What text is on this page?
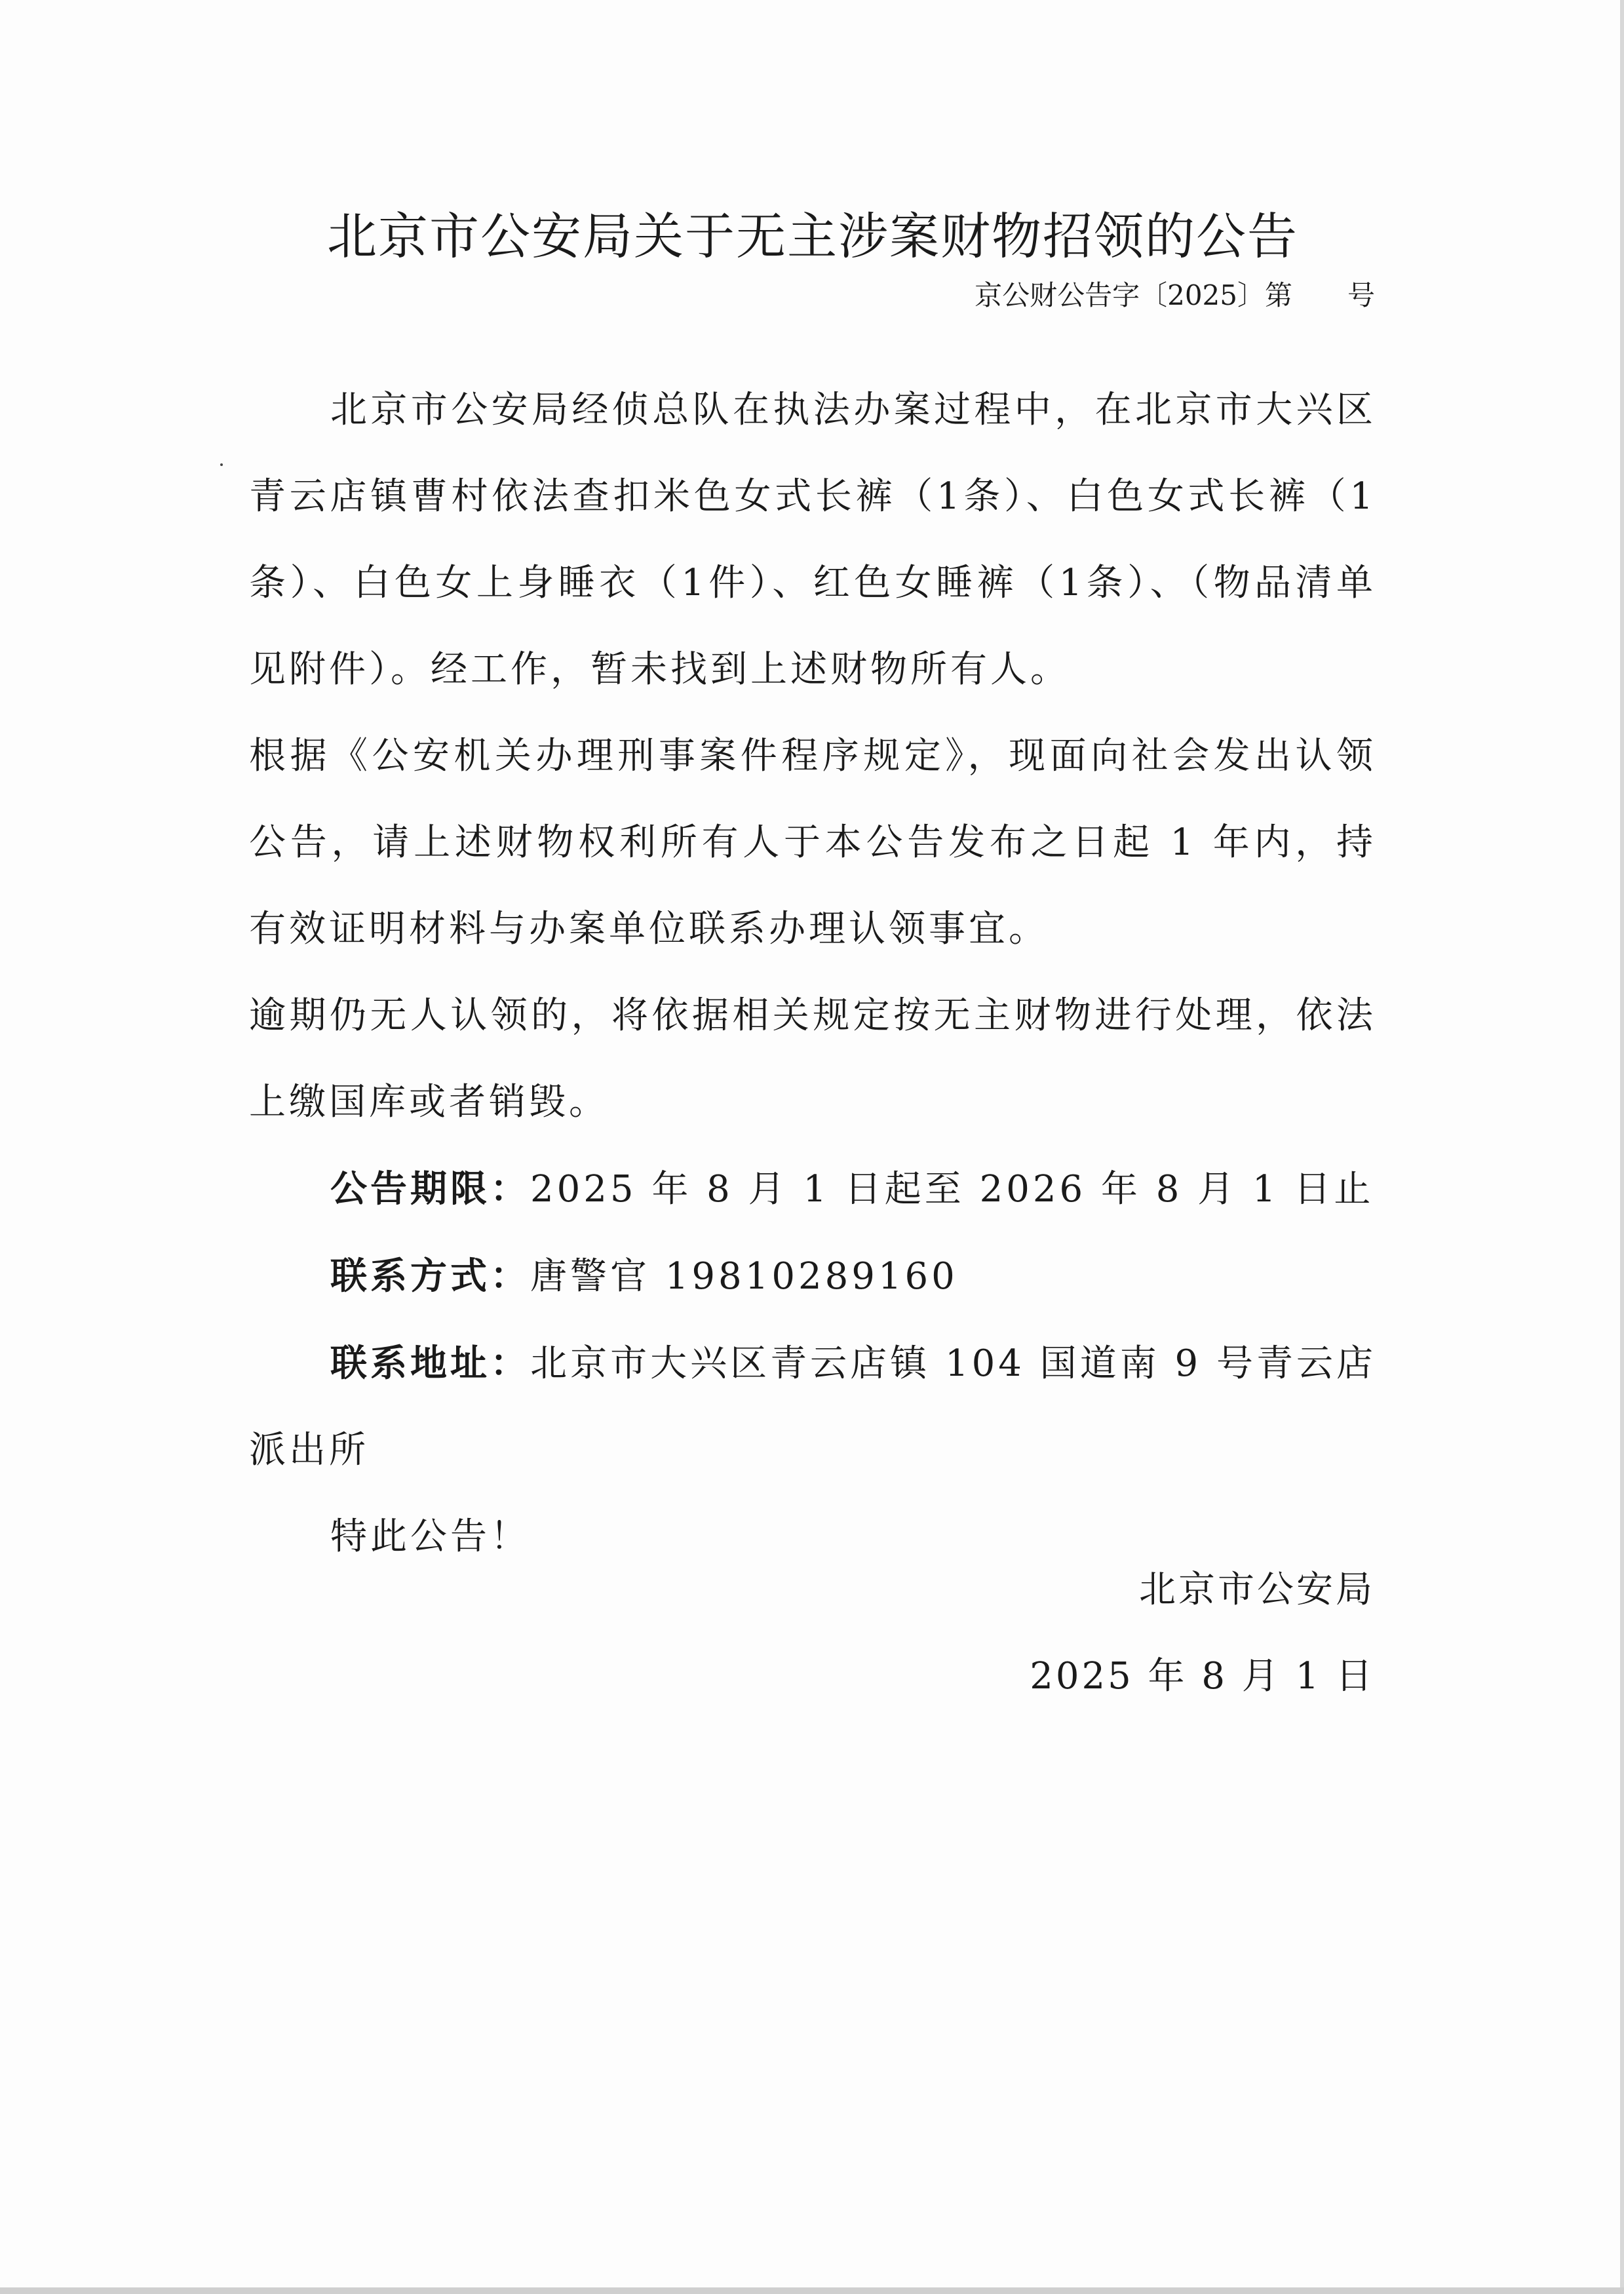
北京市公安局关于无主涉案财物招领的公告
京公财公告字〔2025〕第　　号

北京市公安局经侦总队在执法办案过程中，在北京市大兴区青云店镇曹村依法查扣米色女式长裤（1条）、白色女式长裤（1条）、白色女上身睡衣（1件）、红色女睡裤（1条）、（物品清单见附件）。经工作，暂未找到上述财物所有人。

根据《公安机关办理刑事案件程序规定》，现面向社会发出认领公告，请上述财物权利所有人于本公告发布之日起 1 年内，持有效证明材料与办案单位联系办理认领事宜。

逾期仍无人认领的，将依据相关规定按无主财物进行处理，依法上缴国库或者销毁。

公告期限：2025 年 8 月 1 日起至 2026 年 8 月 1 日止

联系方式：唐警官 19810289160

联系地址：北京市大兴区青云店镇 104 国道南 9 号青云店派出所

特此公告！

北京市公安局
2025 年 8 月 1 日
